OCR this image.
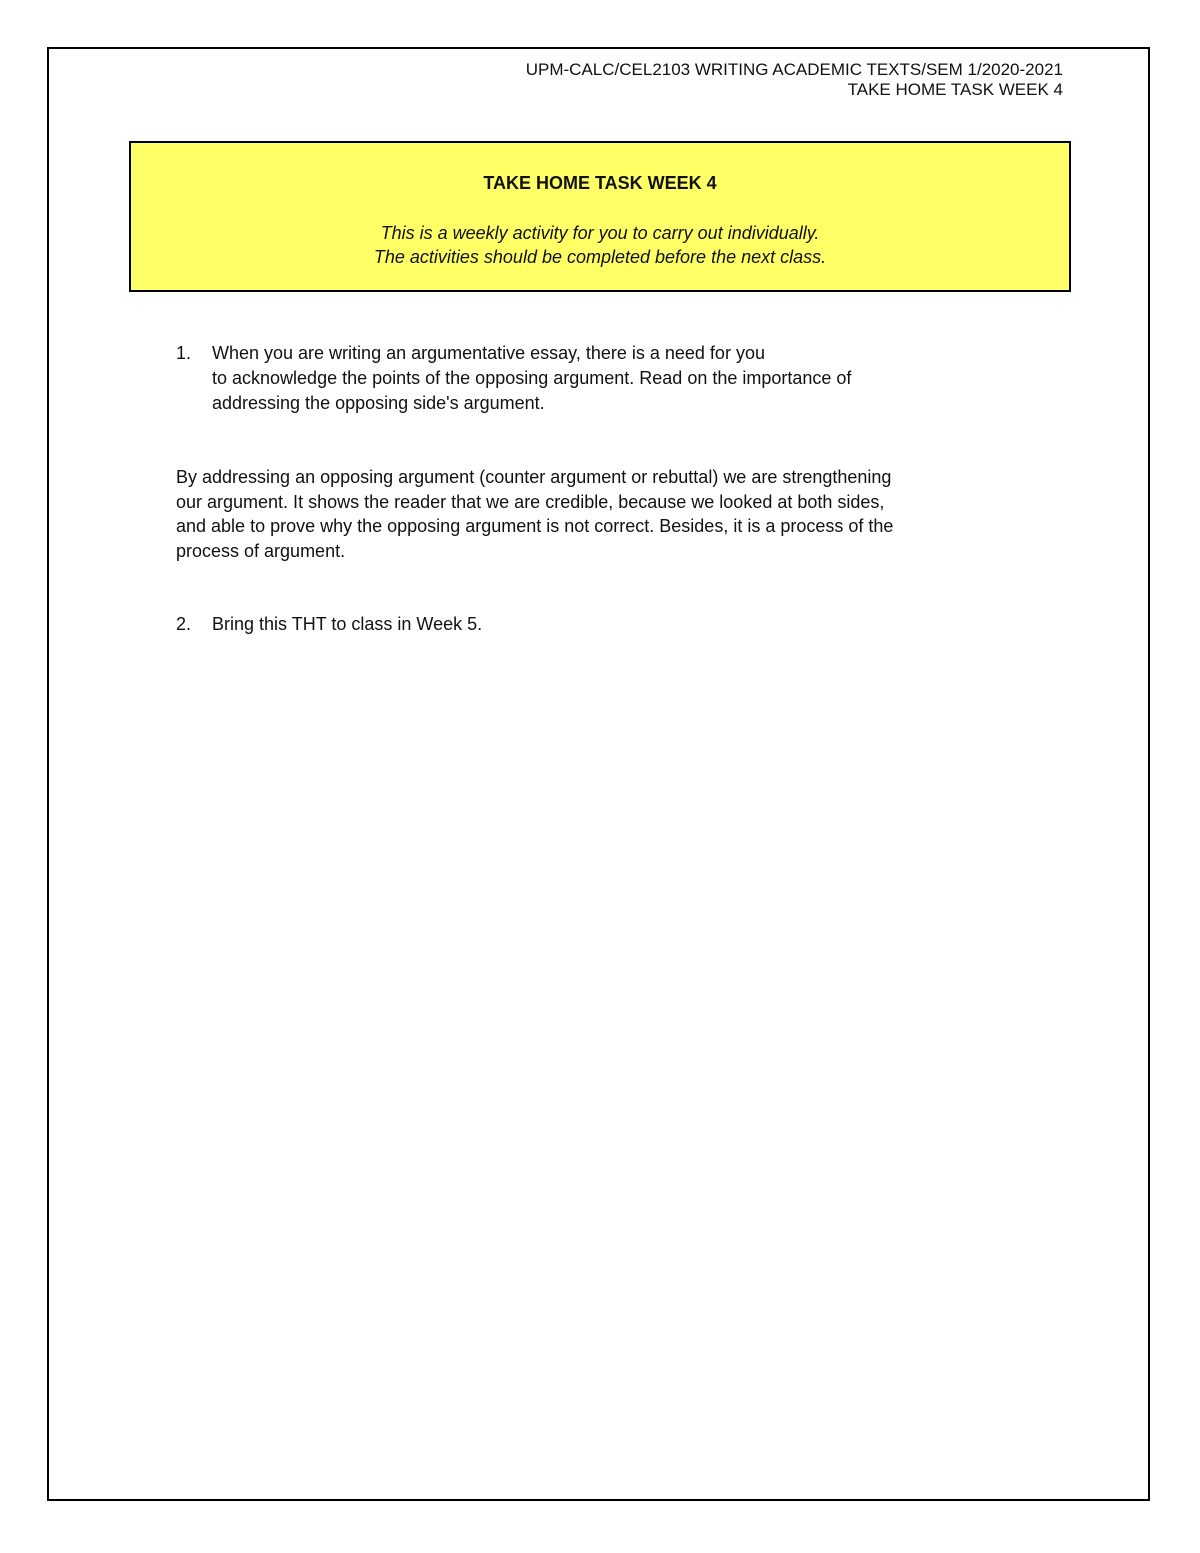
UPM-CALC/CEL2103 WRITING ACADEMIC TEXTS/SEM 1/2020-2021
TAKE HOME TASK WEEK 4
TAKE HOME TASK WEEK 4
This is a weekly activity for you to carry out individually.
The activities should be completed before the next class.
1. When you are writing an argumentative essay, there is a need for you
to acknowledge the points of the opposing argument. Read on the importance of
addressing the opposing side's argument.
By addressing an opposing argument (counter argument or rebuttal) we are strengthening
our argument. It shows the reader that we are credible, because we looked at both sides,
and able to prove why the opposing argument is not correct. Besides, it is a process of the
process of argument.
2. Bring this THT to class in Week 5.
